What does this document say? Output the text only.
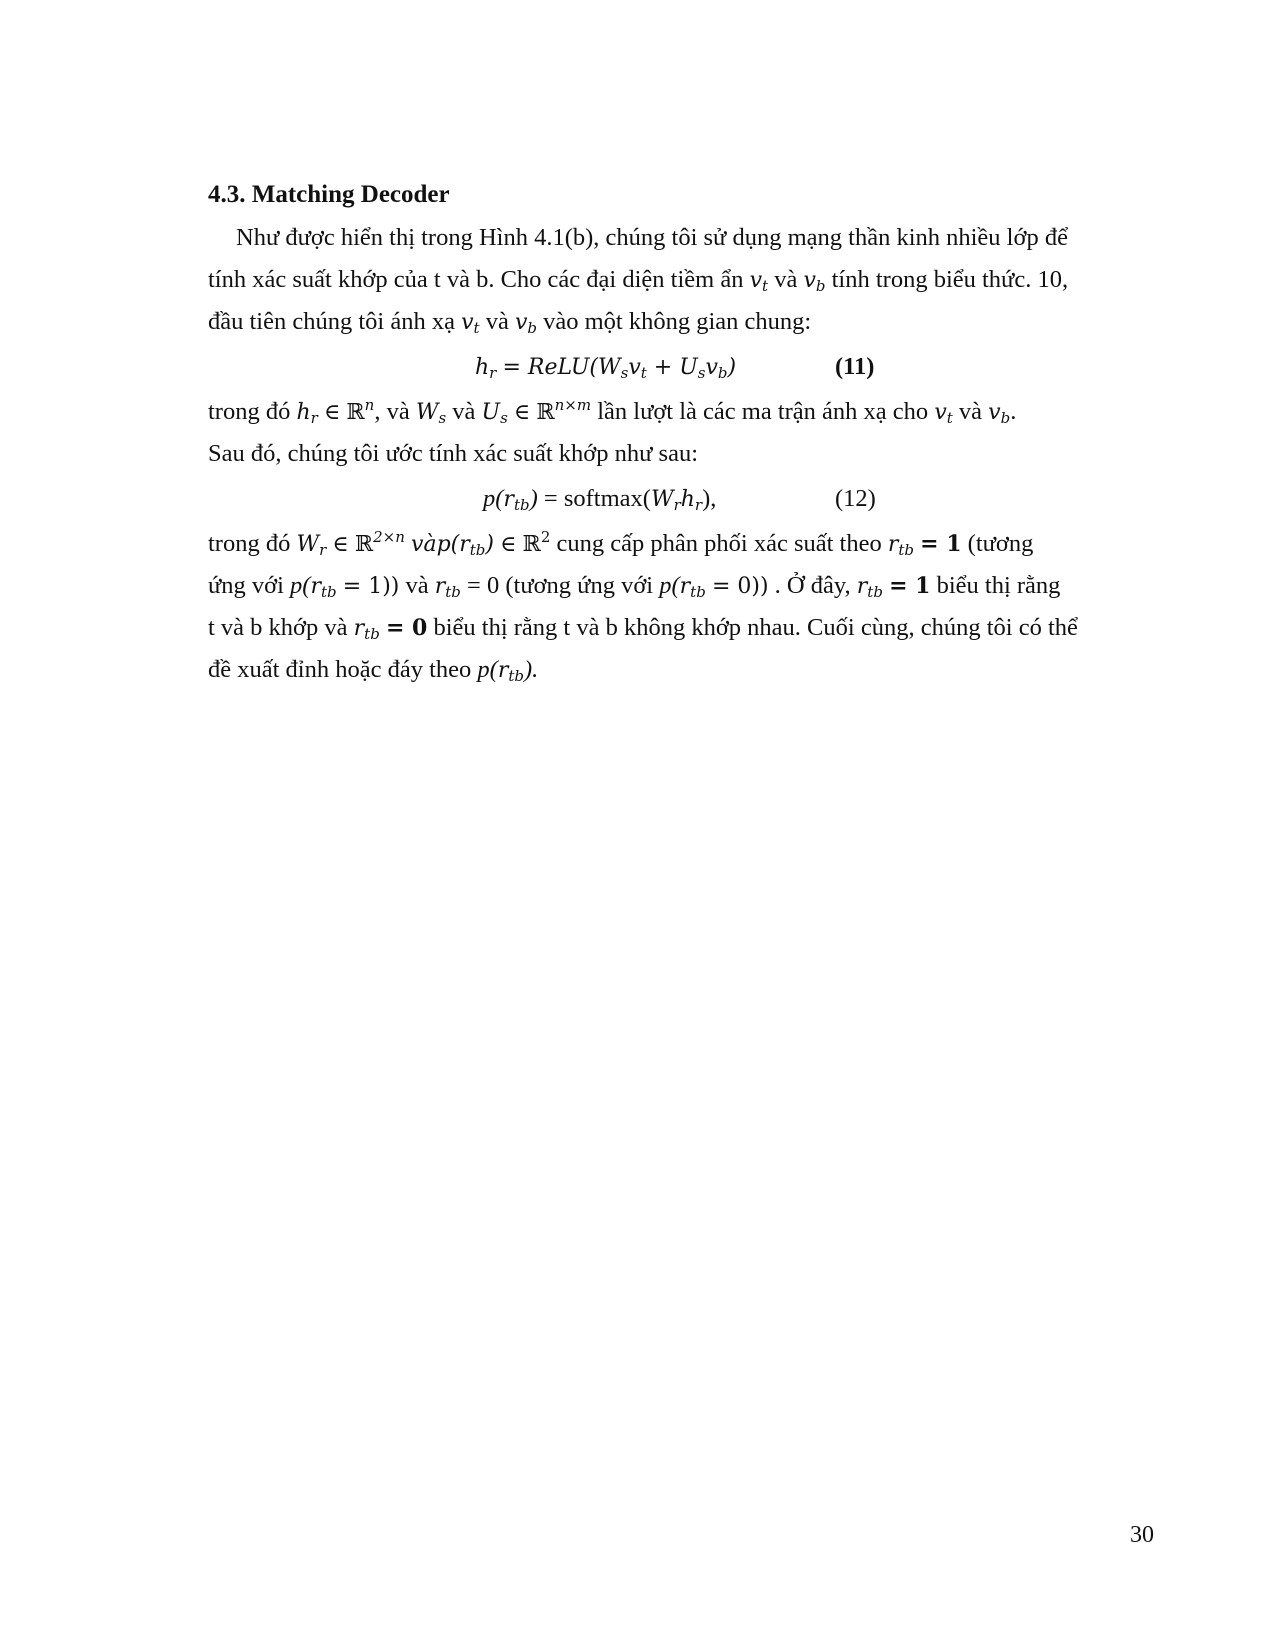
4.3. Matching Decoder
Như được hiển thị trong Hình 4.1(b), chúng tôi sử dụng mạng thần kinh nhiều lớp để
tính xác suất khớp của t và b. Cho các đại diện tiềm ẩn $v_t$ và $v_b$ tính trong biểu thức. 10,
đầu tiên chúng tôi ánh xạ $v_t$ và $v_b$ vào một không gian chung:
$h_r$ = $ReLU(W_sv_t + U_sv_b)$	(11)
trong đó $h_r$ ∈ ℝ$^n$, và $W_s$ và $U_s$ ∈ ℝ$^{n\times m}$ lần lượt là các ma trận ánh xạ cho $v_t$ và $v_b$.
Sau đó, chúng tôi ước tính xác suất khớp như sau:
$p(r_{tb})$ = $softmax(W_rh_r)$,	(12)
trong đó $W_r$ ∈ ℝ$^{2\times n}$ $vàp(r_{tb})$ ∈ ℝ$^2$ cung cấp phân phối xác suất theo $r_{tb} = 1$ (tương
ứng với $p(r_{tb} = 1)$) và $r_{tb} = 0$ (tương ứng với $p(r_{tb} = 0)$) . Ở đây, $r_{tb} = 1$ biểu thị rằng
t và b khớp và $r_{tb} = 0$ biểu thị rằng t và b không khớp nhau. Cuối cùng, chúng tôi có thể
đề xuất đỉnh hoặc đáy theo $p(r_{tb})$.
30
